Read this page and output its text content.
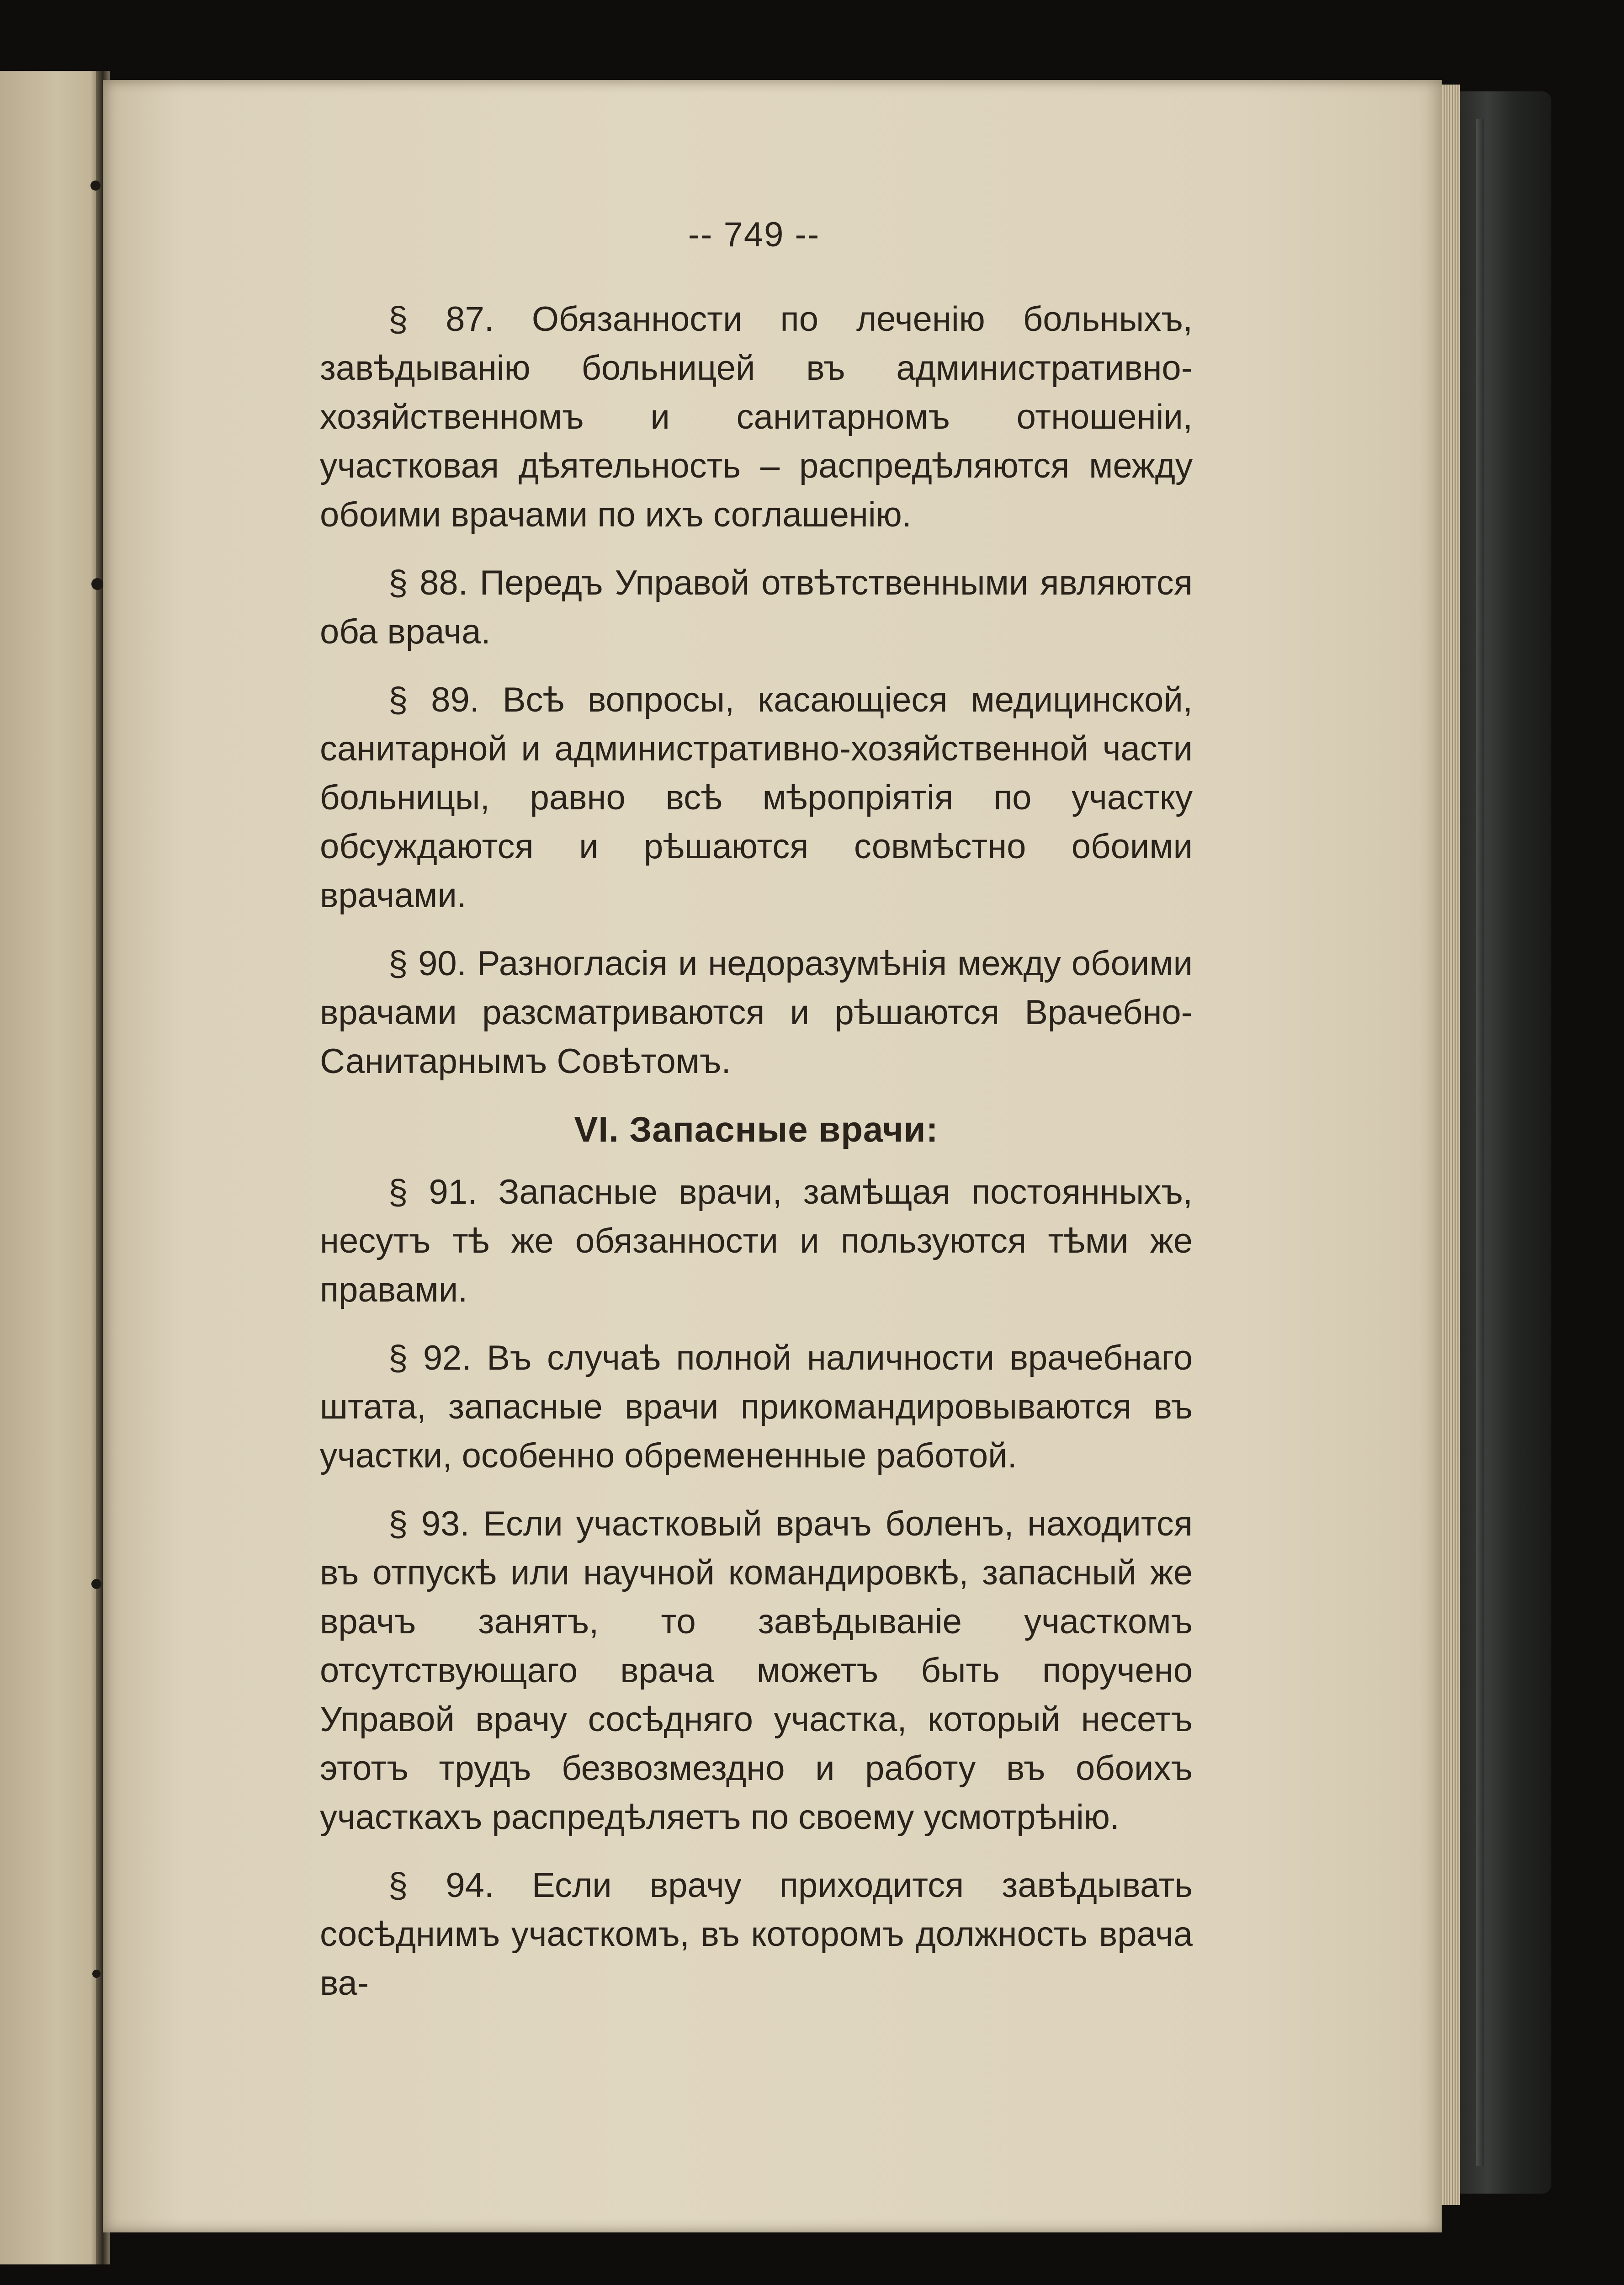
-- 749 --

§ 87. Обязанности по леченію больныхъ, завѣдыванію больницей въ административно-хозяйственномъ и санитарномъ отношеніи, участковая дѣятельность – распредѣляются между обоими врачами по ихъ соглашенію.

§ 88. Передъ Управой отвѣтственными являются оба врача.

§ 89. Всѣ вопросы, касающіеся медицинской, санитарной и административно-хозяйственной части больницы, равно всѣ мѣропріятія по участку обсуждаются и рѣшаются совмѣстно обоими врачами.

§ 90. Разногласія и недоразумѣнія между обоими врачами разсматриваются и рѣшаются Врачебно-Санитарнымъ Совѣтомъ.

VI. Запасные врачи:

§ 91. Запасные врачи, замѣщая постоянныхъ, несутъ тѣ же обязанности и пользуются тѣми же правами.

§ 92. Въ случаѣ полной наличности врачебнаго штата, запасные врачи прикомандировываются въ участки, особенно обремененные работой.

§ 93. Если участковый врачъ боленъ, находится въ отпускѣ или научной командировкѣ, запасный же врачъ занятъ, то завѣдываніе участкомъ отсутствующаго врача можетъ быть поручено Управой врачу сосѣдняго участка, который несетъ этотъ трудъ безвозмездно и работу въ обоихъ участкахъ распредѣляетъ по своему усмотрѣнію.

§ 94. Если врачу приходится завѣдывать сосѣднимъ участкомъ, въ которомъ должность врача ва-
